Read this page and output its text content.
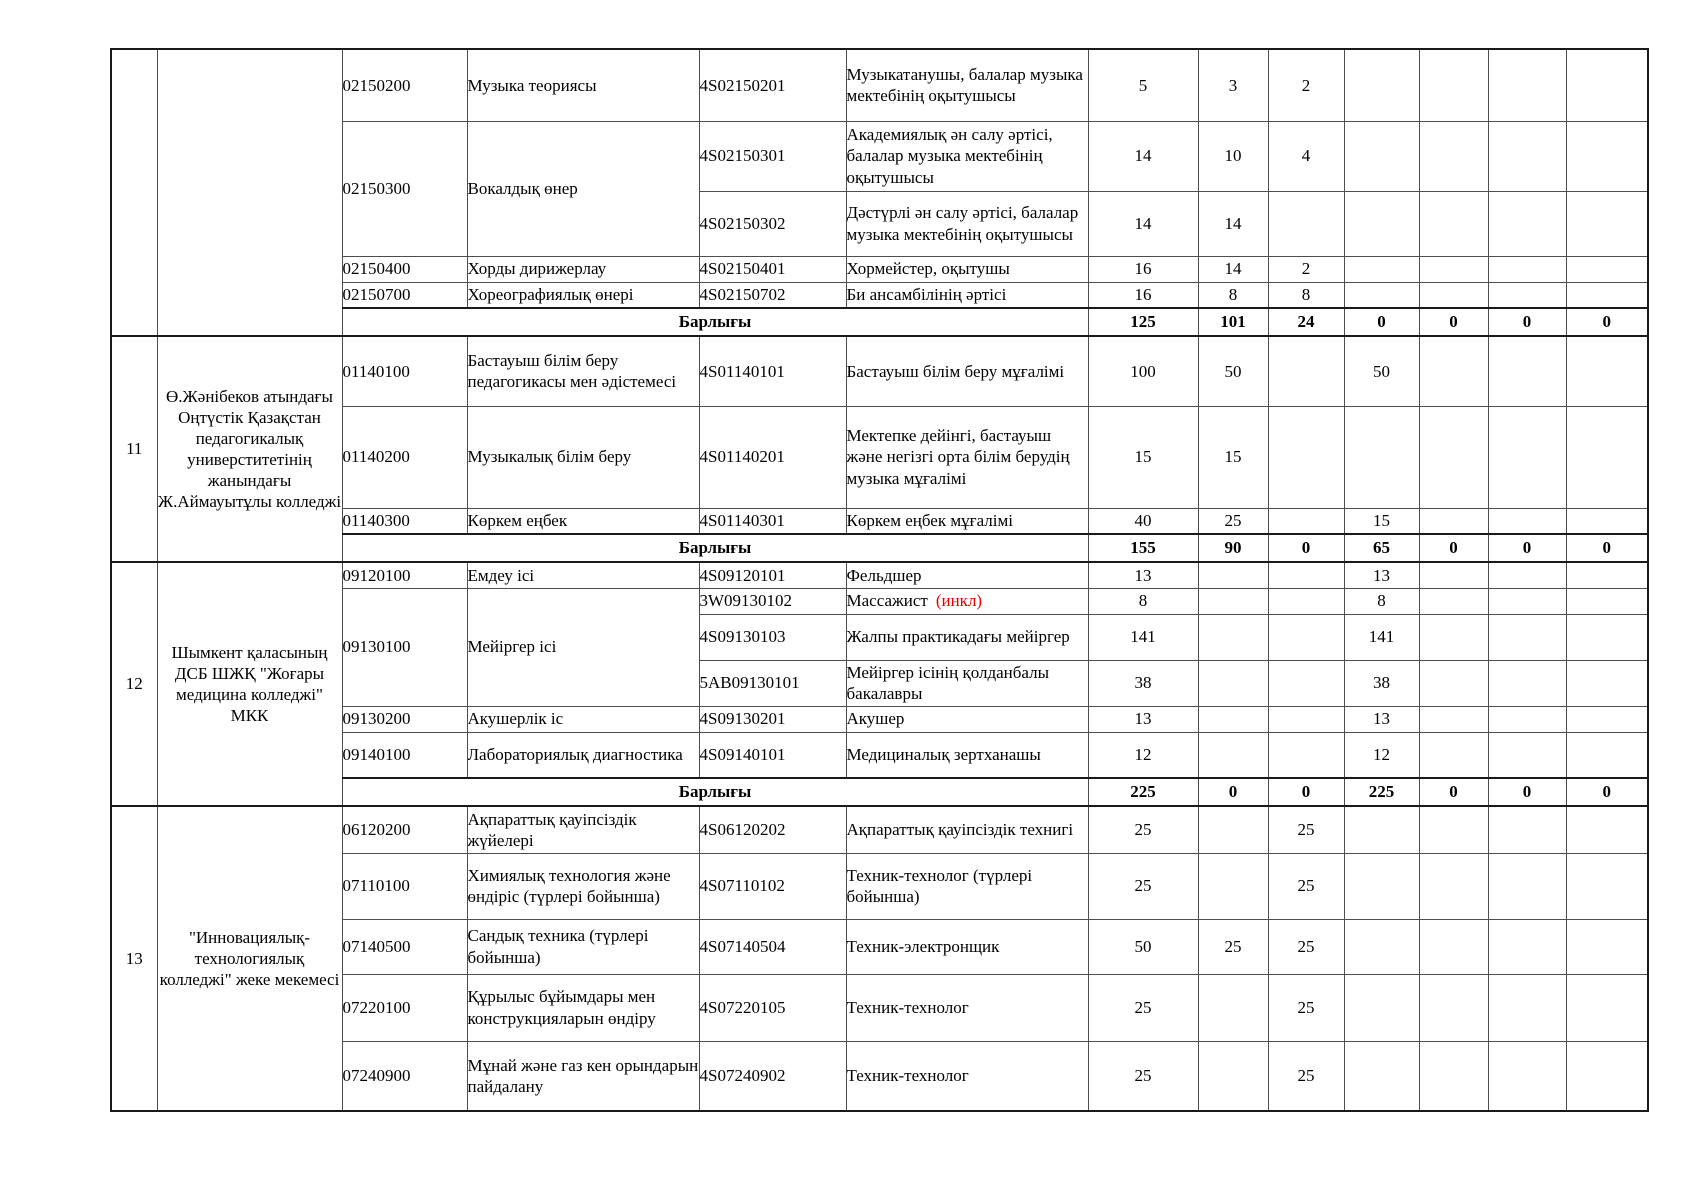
		02150200	Музыка теориясы	4S02150201	Музыкатанушы, балалар музыка мектебінің оқытушысы	5	3	2				
		02150300	Вокалдық өнер	4S02150301	Академиялық ән салу әртісі, балалар музыка мектебінің оқытушысы	14	10	4				
				4S02150302	Дәстүрлі ән салу әртісі, балалар музыка мектебінің оқытушысы	14	14					
		02150400	Хорды дирижерлау	4S02150401	Хормейстер, оқытушы	16	14	2				
		02150700	Хореографиялық өнері	4S02150702	Би ансамбілінің әртісі	16	8	8				
		Барлығы				125	101	24	0	0	0	0
11	Ө.Жәнібеков атындағы Оңтүстік Қазақстан педагогикалық универститетінің жанындағы Ж.Аймауытұлы колледжі	01140100	Бастауыш білім беру педагогикасы мен әдістемесі	4S01140101	Бастауыш білім беру мұғалімі	100	50		50			
		01140200	Музыкалық білім беру	4S01140201	Мектепке дейінгі, бастауыш және негізгі орта білім берудің музыка мұғалімі	15	15					
		01140300	Көркем еңбек	4S01140301	Көркем еңбек мұғалімі	40	25		15			
		Барлығы				155	90	0	65	0	0	0
12	Шымкент қаласының ДСБ ШЖҚ "Жоғары медицина колледжі" МКК	09120100	Емдеу ісі	4S09120101	Фельдшер	13			13			
		09130100	Мейіргер ісі	3W09130102	Массажист (инкл)	8			8			
				4S09130103	Жалпы практикадағы мейіргер	141			141			
				5AB09130101	Мейіргер ісінің қолданбалы бакалавры	38			38			
		09130200	Акушерлік іс	4S09130201	Акушер	13			13			
		09140100	Лабораториялық диагностика	4S09140101	Медициналық зертханашы	12			12			
		Барлығы				225	0	0	225	0	0	0
13	"Инновациялық-технологиялық колледжі" жеке мекемесі	06120200	Ақпараттық қауіпсіздік жүйелері	4S06120202	Ақпараттық қауіпсіздік технигі	25		25				
		07110100	Химиялық технология және өндіріс (түрлері бойынша)	4S07110102	Техник-технолог (түрлері бойынша)	25		25				
		07140500	Сандық техника (түрлері бойынша)	4S07140504	Техник-электронщик	50	25	25				
		07220100	Құрылыс бұйымдары мен конструкцияларын өндіру	4S07220105	Техник-технолог	25		25				
		07240900	Мұнай және газ кен орындарын пайдалану	4S07240902	Техник-технолог	25		25				
